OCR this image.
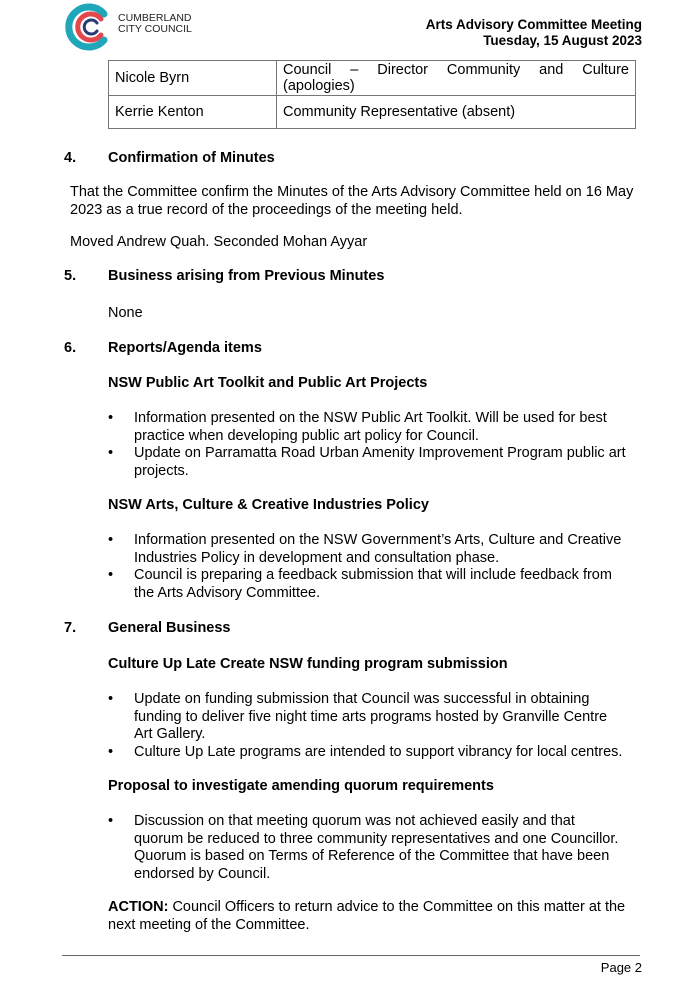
CUMBERLAND
CITY COUNCIL	Arts Advisory Committee Meeting
Tuesday, 15 August 2023
Nicole Byrn	Council – Director Community and Culture
(apologies)

Kerrie Kenton	Community Representative (absent)
4. Confirmation of Minutes
That the Committee confirm the Minutes of the Arts Advisory Committee held on 16 May
2023 as a true record of the proceedings of the meeting held.
Moved Andrew Quah. Seconded Mohan Ayyar
5. Business arising from Previous Minutes
None
6. Reports/Agenda items
NSW Public Art Toolkit and Public Art Projects
• Information presented on the NSW Public Art Toolkit. Will be used for best
practice when developing public art policy for Council.
• Update on Parramatta Road Urban Amenity Improvement Program public art
projects.
NSW Arts, Culture & Creative Industries Policy
• Information presented on the NSW Government’s Arts, Culture and Creative
Industries Policy in development and consultation phase.
• Council is preparing a feedback submission that will include feedback from
the Arts Advisory Committee.
7. General Business
Culture Up Late Create NSW funding program submission
• Update on funding submission that Council was successful in obtaining
funding to deliver five night time arts programs hosted by Granville Centre
Art Gallery.
• Culture Up Late programs are intended to support vibrancy for local centres.
Proposal to investigate amending quorum requirements
• Discussion on that meeting quorum was not achieved easily and that
quorum be reduced to three community representatives and one Councillor.
Quorum is based on Terms of Reference of the Committee that have been
endorsed by Council.
ACTION: Council Officers to return advice to the Committee on this matter at the
next meeting of the Committee.
Page 2
